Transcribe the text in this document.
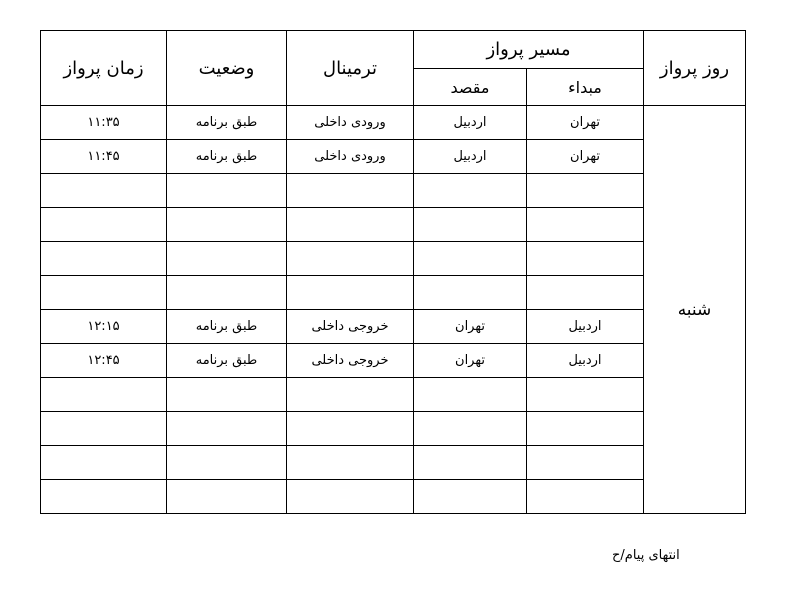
روز پرواز	مسیر پرواز		ترمینال	وضعیت	زمان پرواز
	مبداء	مقصد			
شنبه	تهران	اردبیل	ورودی داخلی	طبق برنامه	۱۱:۳۵
	تهران	اردبیل	ورودی داخلی	طبق برنامه	۱۱:۴۵

	اردبیل	تهران	خروجی داخلی	طبق برنامه	۱۲:۱۵
	اردبیل	تهران	خروجی داخلی	طبق برنامه	۱۲:۴۵

انتهای پیام/ح
